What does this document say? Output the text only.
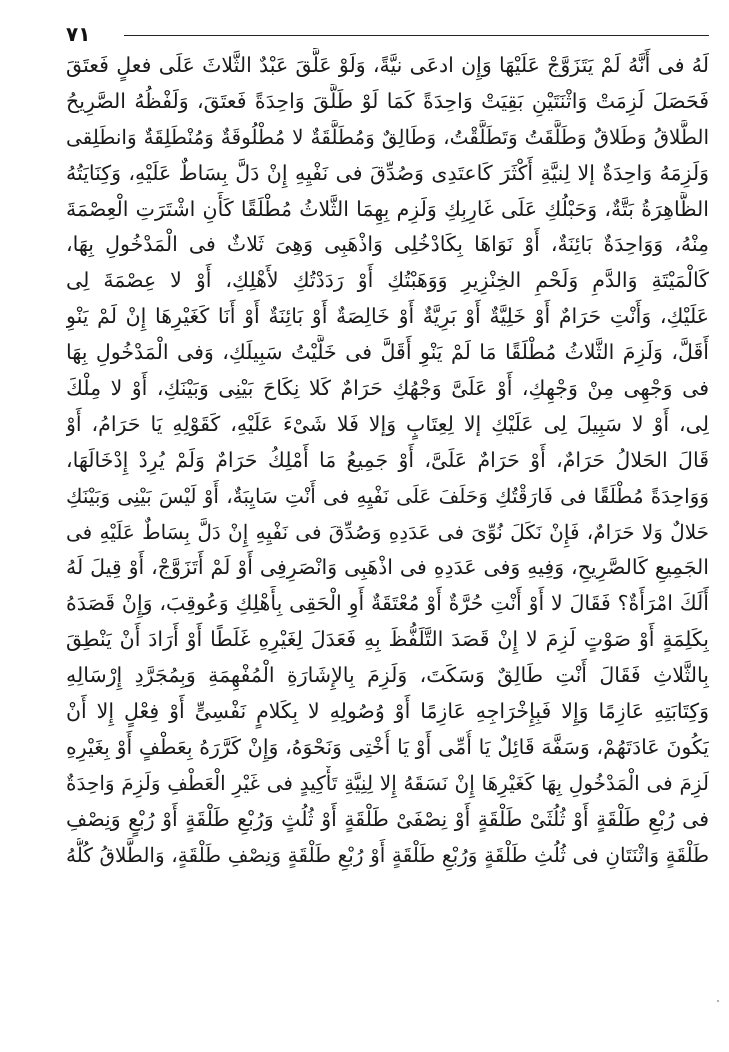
٧١
لَهُ فى أَنَّهُ لَمْ يَتَزَوَّجْ عَلَيْهَا وَإِن ادعَى نيَّةً، وَلَوْ عَلَّقَ عَبْدٌ الثَّلاثَ عَلَى فعلٍ فَعتَقَ
فَحَصَلَ لَزِمَتْ وَاثْنَتَيْنِ بَقِيَتْ وَاحِدَةً كَمَا لَوْ طَلَّقَ وَاحِدَةً فَعتَقَ، وَلَفْظُهُ الصَّرِيحُ
الطَّلاقُ وَطَلاقٌ وَطَلَّقَتُ وَتَطَلَّقْتُ، وَطَالِقٌ وَمُطَلَّقَةٌ لا مُطْلُوقَةٌ وَمُنْطَلِقَةٌ وَانطَلِقى
وَلَزِمَهُ وَاحِدَةٌ إلا لِنيَّةِ أَكْثَرَ كَاعتَدِى وَصُدِّقَ فى نَفْيِهِ إِنْ دَلَّ بِسَاطٌ عَلَيْهِ، وَكِنَايَتُهُ
الظَّاهِرَةُ بَتَّةٌ، وَحَبْلُكِ عَلَى غَارِبِكِ وَلَزِم بِهِمَا الثَّلاثُ مُطْلَقًا كَأَنِ اشْتَرَتِ الْعِصْمَةَ
مِنْهُ، وَوَاحِدَةٌ بَائِنَةٌ، أَوْ نَوَاهَا بِكَادْخُلِى وَاذْهَبِى وَهِىَ ثَلاثٌ فى الْمَدْخُولِ بِهَا،
كَالْمَيْتَةِ وَالدَّمِ وَلَحْمِ الخِنْزِيرِ وَوَهَبْتُكِ أَوْ رَدَدْتُكِ لأَهْلِكِ، أَوْ لا عِصْمَةَ لِى
عَلَيْكِ، وَأَنْتِ حَرَامٌ أَوْ خَلِيَّةٌ أَوْ بَرِيَّةٌ أَوْ خَالِصَةٌ أَوْ بَائِنَةٌ أَوْ أَنَا كَغَيْرِهَا إِنْ لَمْ يَنْوِ
أَقَلَّ، وَلَزِمَ الثَّلاثُ مُطْلَقًا مَا لَمْ يَنْوِ أَقَلَّ فى خَلَّيْتُ سَبِيلَكِ، وَفى الْمَدْخُولِ بِهَا
فى وَجْهِى مِنْ وَجْهِكِ، أَوْ عَلَىَّ وَجْهُكِ حَرَامٌ كَلا نِكَاحَ بَيْنِى وَبَيْنَكِ، أَوْ لا مِلْكَ
لِى، أَوْ لا سَبِيلَ لِى عَلَيْكِ إلا لِعِتَابٍ وَإلا فَلا شَىْءَ عَلَيْهِ، كَقَوْلِهِ يَا حَرَامُ، أَوْ
قَالَ الحَلالُ حَرَامٌ، أَوْ حَرَامٌ عَلَىَّ، أَوْ جَمِيعُ مَا أَمْلِكُ حَرَامٌ وَلَمْ يُرِدْ إِدْخَالَهَا،
وَوَاحِدَةً مُطْلَقًا فى فَارَقْتُكِ وَحَلَفَ عَلَى نَفْيِهِ فى أَنْتِ سَايِبَةٌ، أَوْ لَيْسَ بَيْنِى وَبَيْنَكِ
حَلالٌ وَلا حَرَامٌ، فَإِنْ نَكَلَ نُوِّىَ فى عَدَدِهِ وَصُدِّقَ فى نَفْيِهِ إِنْ دَلَّ بِسَاطٌ عَلَيْهِ فى
الجَمِيعِ كَالصَّرِيحِ، وَفِيهِ وَفى عَدَدِهِ فى اذْهَبِى وَانْصَرِفِى أَوْ لَمْ أَتَزَوَّجْ، أَوْ قِيلَ لَهُ
أَلَكَ امْرَأَةٌ؟ فَقَالَ لا أَوْ أَنْتِ حُرَّةٌ أَوْ مُعْتَقَةٌ أَوِ الْحَقِى بِأَهْلِكِ وَعُوقِبَ، وَإِنْ قَصَدَهُ
بِكَلِمَةٍ أَوْ صَوْتٍ لَزِمَ لا إِنْ قَصَدَ التَّلَفُّظَ بِهِ فَعَدَلَ لِغَيْرِهِ غَلَطًا أَوْ أَرَادَ أَنْ يَنْطِقَ
بِالثَّلاثِ فَقَالَ أَنْتِ طَالِقٌ وَسَكَتَ، وَلَزِمَ بِالإِشَارَةِ الْمُفْهِمَةِ وَبِمُجَرَّدِ إِرْسَالِهِ
وَكِتَابَتِهِ عَازِمًا وَإِلا فَبِإِخْرَاجِهِ عَازِمًا أَوْ وُصُولِهِ لا بِكَلامٍ نَفْسِىٍّ أَوْ فِعْلٍ إِلا أَنْ
يَكُونَ عَادَتَهُمْ، وَسَفَّهَ قَائِلٌ يَا أُمِّى أَوْ يَا أُخْتِى وَنَحْوَهُ، وَإِنْ كَرَّرَهُ بِعَطْفٍ أَوْ بِغَيْرِهِ
لَزِمَ فى الْمَدْخُولِ بِهَا كَغَيْرِهَا إِنْ نَسَقَهُ إِلا لِنِيَّةِ تَأْكِيدٍ فى غَيْرِ الْعَطْفِ وَلَزِمَ وَاحِدَةٌ
فى رُبْعِ طَلْقَةٍ أَوْ ثُلُثَىْ طَلْقَةٍ أَوْ نِصْفَىْ طَلْقَةٍ أَوْ ثُلُثٍ وَرُبْعِ طَلْقَةٍ أَوْ رُبْعٍ وَنِصْفِ
طَلْقَةٍ وَاثْنَتَانِ فى ثُلُثِ طَلْقَةٍ وَرُبْعِ طَلْقَةٍ أَوْ رُبْعِ طَلْقَةٍ وَنِصْفِ طَلْقَةٍ، وَالطَّلاقُ كُلُّهُ
